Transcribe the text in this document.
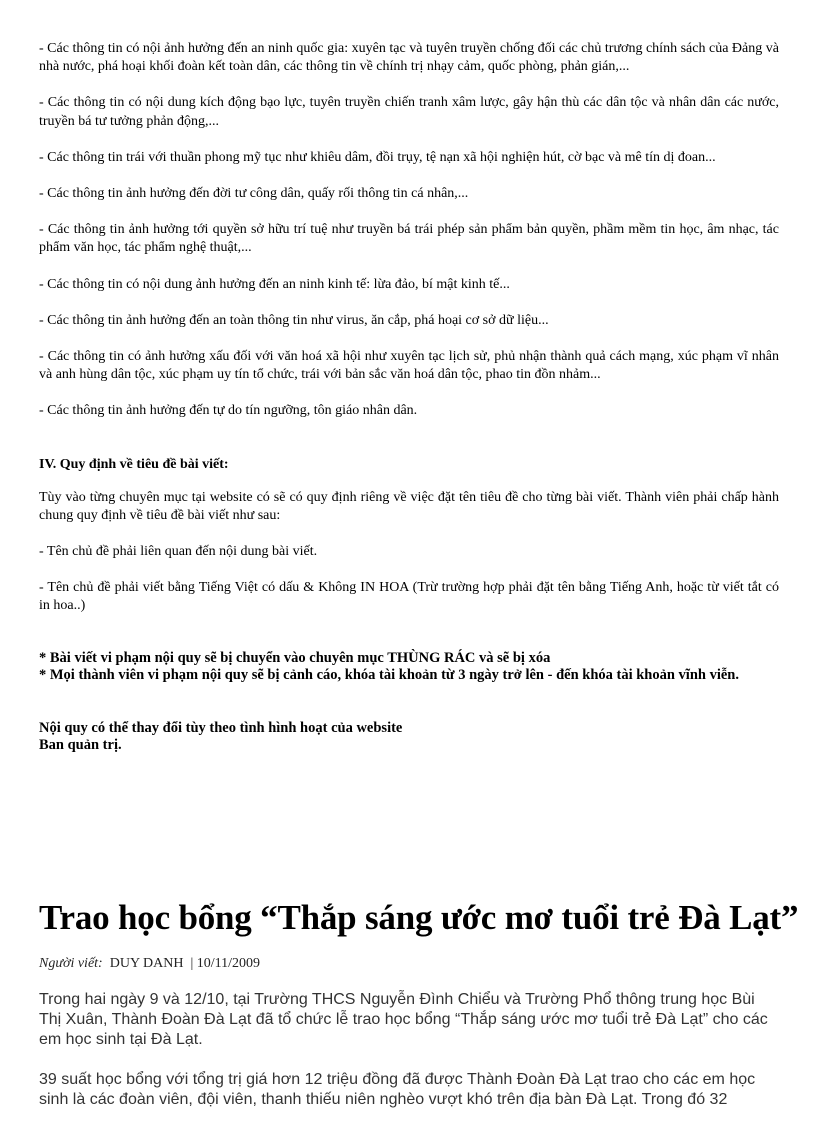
- Các thông tin có nội ảnh hưởng đến an ninh quốc gia: xuyên tạc và tuyên truyền chống đối các chủ trương chính sách của Đảng và nhà nước, phá hoại khối đoàn kết toàn dân, các thông tin về chính trị nhạy cảm, quốc phòng, phản gián,...

- Các thông tin có nội dung kích động bạo lực, tuyên truyền chiến tranh xâm lược, gây hận thù các dân tộc và nhân dân các nước, truyền bá tư tưởng phản động,...

- Các thông tin trái với thuần phong mỹ tục như khiêu dâm, đồi trụy, tệ nạn xã hội nghiện hút, cờ bạc và mê tín dị đoan...

- Các thông tin ảnh hưởng đến đời tư công dân, quấy rối thông tin cá nhân,...

- Các thông tin ảnh hưởng tới quyền sở hữu trí tuệ như truyền bá trái phép sản phẩm bản quyền, phầm mềm tin học, âm nhạc, tác phẩm văn học, tác phẩm nghệ thuật,...

- Các thông tin có nội dung ảnh hưởng đến an ninh kinh tế: lừa đảo, bí mật kinh tế...

- Các thông tin ảnh hưởng đến an toàn thông tin như virus, ăn cắp, phá hoại cơ sở dữ liệu...

- Các thông tin có ảnh hưởng xấu đối với văn hoá xã hội như xuyên tạc lịch sử, phủ nhận thành quả cách mạng, xúc phạm vĩ nhân và anh hùng dân tộc, xúc phạm uy tín tổ chức, trái với bản sắc văn hoá dân tộc, phao tin đồn nhảm...

- Các thông tin ảnh hưởng đến tự do tín ngưỡng, tôn giáo nhân dân.

IV. Quy định về tiêu đề bài viết:

Tùy vào từng chuyên mục tại website có sẽ có quy định riêng về việc đặt tên tiêu đề cho từng bài viết. Thành viên phải chấp hành chung quy định về tiêu đề bài viết như sau:

- Tên chủ đề phải liên quan đến nội dung bài viết.

- Tên chủ đề phải viết bằng Tiếng Việt có dấu & Không IN HOA (Trừ trường hợp phải đặt tên bằng Tiếng Anh, hoặc từ viết tắt có in hoa..)

* Bài viết vi phạm nội quy sẽ bị chuyển vào chuyên mục THÙNG RÁC và sẽ bị xóa

* Mọi thành viên vi phạm nội quy sẽ bị cảnh cáo, khóa tài khoản từ 3 ngày trở lên - đến khóa tài khoản vĩnh viễn.

Nội quy có thể thay đổi tùy theo tình hình hoạt của website

Ban quản trị.

Trao học bổng “Thắp sáng ước mơ tuổi trẻ Đà Lạt”

Người viết: DUY DANH | 10/11/2009

Trong hai ngày 9 và 12/10, tại Trường THCS Nguyễn Đình Chiểu và Trường Phổ thông trung học Bùi Thị Xuân, Thành Đoàn Đà Lạt đã tổ chức lễ trao học bổng “Thắp sáng ước mơ tuổi trẻ Đà Lạt” cho các em học sinh tại Đà Lạt.

39 suất học bổng với tổng trị giá hơn 12 triệu đồng đã được Thành Đoàn Đà Lạt trao cho các em học sinh là các đoàn viên, đội viên, thanh thiếu niên nghèo vượt khó trên địa bàn Đà Lạt. Trong đó 32
